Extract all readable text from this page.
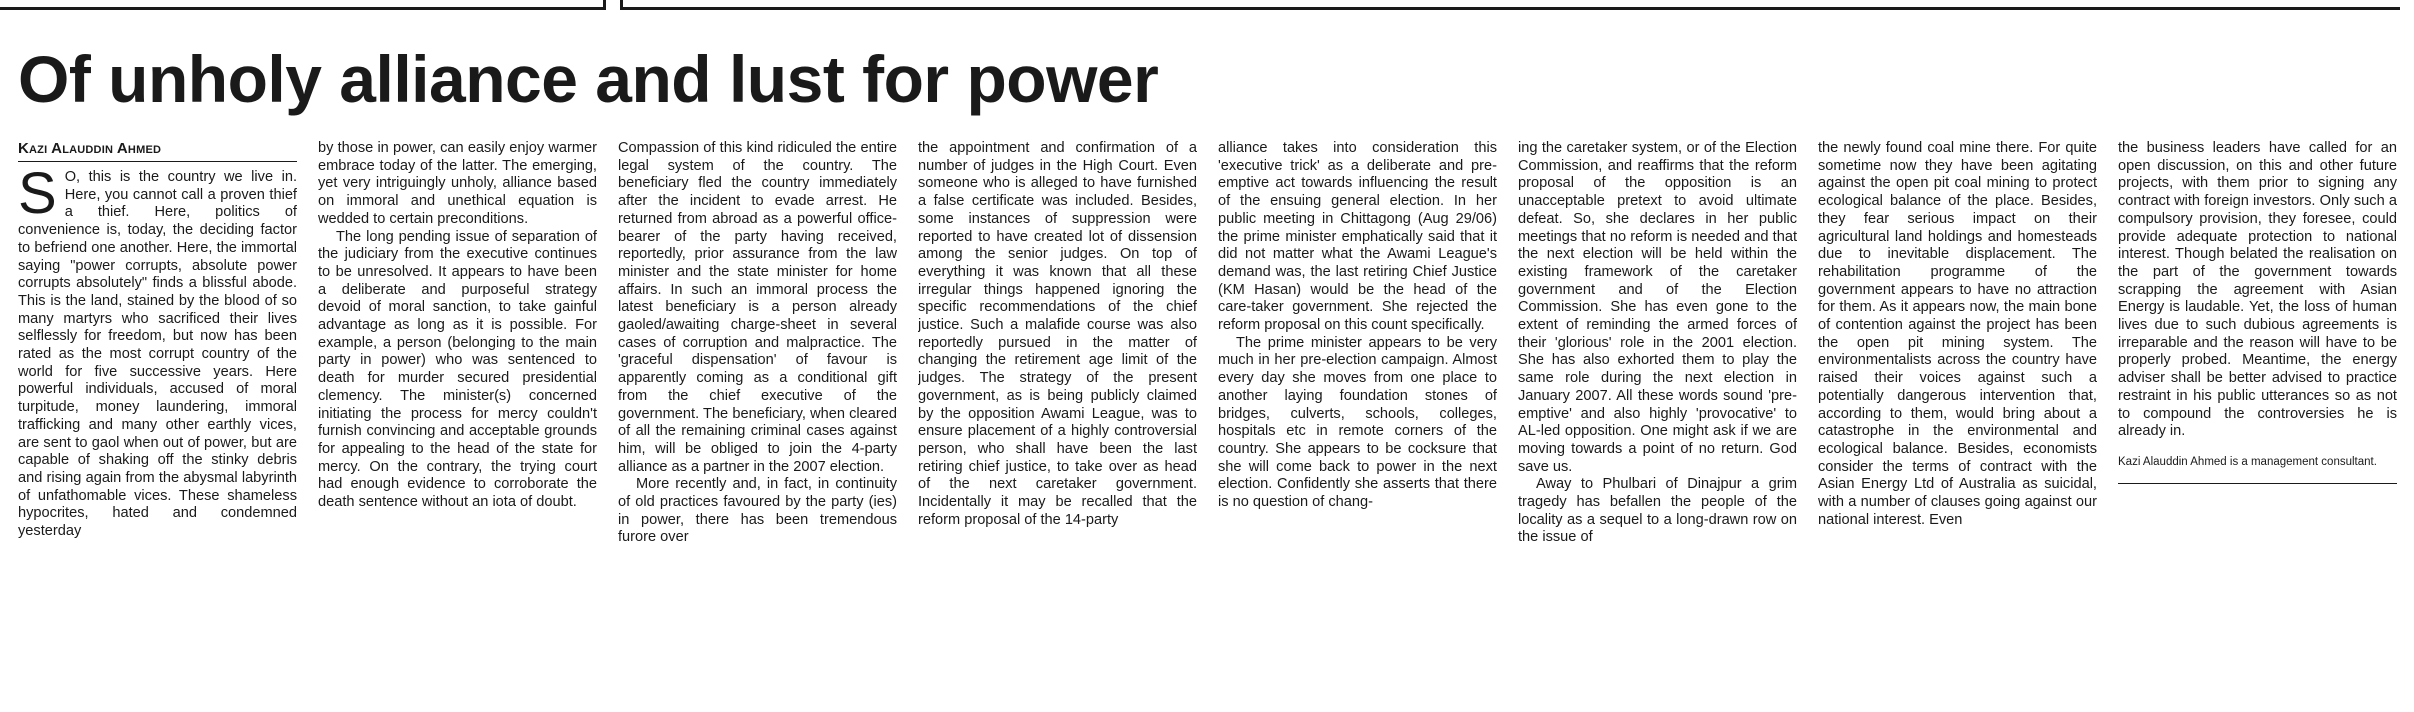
Of unholy alliance and lust for power
Kazi Alauddin Ahmed

S O, this is the country we live in. Here, you cannot call a proven thief a thief. Here, politics of convenience is, today, the deciding factor to befriend one another. Here, the immortal saying "power corrupts, absolute power corrupts absolutely" finds a blissful abode. This is the land, stained by the blood of so many martyrs who sacrificed their lives selflessly for freedom, but now has been rated as the most corrupt country of the world for five successive years. Here powerful individuals, accused of moral turpitude, money laundering, immoral trafficking and many other earthly vices, are sent to gaol when out of power, but are capable of shaking off the stinky debris and rising again from the abysmal labyrinth of unfathomable vices. These shameless hypocrites, hated and condemned yesterday

by those in power, can easily enjoy warmer embrace today of the latter. The emerging, yet very intriguingly unholy, alliance based on immoral and unethical equation is wedded to certain preconditions.

The long pending issue of separation of the judiciary from the executive continues to be unresolved. It appears to have been a deliberate and purposeful strategy devoid of moral sanction, to take gainful advantage as long as it is possible. For example, a person (belonging to the main party in power) who was sentenced to death for murder secured presidential clemency. The minister(s) concerned initiating the process for mercy couldn't furnish convincing and acceptable grounds for appealing to the head of the state for mercy. On the contrary, the trying court had enough evidence to corroborate the death sentence without an iota of doubt.

Compassion of this kind ridiculed the entire legal system of the country. The beneficiary fled the country immediately after the incident to evade arrest. He returned from abroad as a powerful office-bearer of the party having received, reportedly, prior assurance from the law minister and the state minister for home affairs. In such an immoral process the latest beneficiary is a person already gaoled/awaiting charge-sheet in several cases of corruption and malpractice. The 'graceful dispensation' of favour is apparently coming as a conditional gift from the chief executive of the government. The beneficiary, when cleared of all the remaining criminal cases against him, will be obliged to join the 4-party alliance as a partner in the 2007 election.

More recently and, in fact, in continuity of old practices favoured by the party (ies) in power, there has been tremendous furore over

the appointment and confirmation of a number of judges in the High Court. Even someone who is alleged to have furnished a false certificate was included. Besides, some instances of suppression were reported to have created lot of dissension among the senior judges. On top of everything it was known that all these irregular things happened ignoring the specific recommendations of the chief justice. Such a malafide course was also reportedly pursued in the matter of changing the retirement age limit of the judges. The strategy of the present government, as is being publicly claimed by the opposition Awami League, was to ensure placement of a highly controversial person, who shall have been the last retiring chief justice, to take over as head of the next caretaker government. Incidentally it may be recalled that the reform proposal of the 14-party

alliance takes into consideration this 'executive trick' as a deliberate and pre-emptive act towards influencing the result of the ensuing general election. In her public meeting in Chittagong (Aug 29/06) the prime minister emphatically said that it did not matter what the Awami League's demand was, the last retiring Chief Justice (KM Hasan) would be the head of the care-taker government. She rejected the reform proposal on this count specifically.

The prime minister appears to be very much in her pre-election campaign. Almost every day she moves from one place to another laying foundation stones of bridges, culverts, schools, colleges, hospitals etc in remote corners of the country. She appears to be cocksure that she will come back to power in the next election. Confidently she asserts that there is no question of chang-

ing the caretaker system, or of the Election Commission, and reaffirms that the reform proposal of the opposition is an unacceptable pretext to avoid ultimate defeat. So, she declares in her public meetings that no reform is needed and that the next election will be held within the existing framework of the caretaker government and of the Election Commission. She has even gone to the extent of reminding the armed forces of their 'glorious' role in the 2001 election. She has also exhorted them to play the same role during the next election in January 2007. All these words sound 'pre-emptive' and also highly 'provocative' to AL-led opposition. One might ask if we are moving towards a point of no return. God save us.

Away to Phulbari of Dinajpur a grim tragedy has befallen the people of the locality as a sequel to a long-drawn row on the issue of

the newly found coal mine there. For quite sometime now they have been agitating against the open pit coal mining to protect ecological balance of the place. Besides, they fear serious impact on their agricultural land holdings and homesteads due to inevitable displacement. The rehabilitation programme of the government appears to have no attraction for them. As it appears now, the main bone of contention against the project has been the open pit mining system. The environmentalists across the country have raised their voices against such a potentially dangerous intervention that, according to them, would bring about a catastrophe in the environmental and ecological balance. Besides, economists consider the terms of contract with the Asian Energy Ltd of Australia as suicidal, with a number of clauses going against our national interest. Even

the business leaders have called for an open discussion, on this and other future projects, with them prior to signing any contract with foreign investors. Only such a compulsory provision, they foresee, could provide adequate protection to national interest. Though belated the realisation on the part of the government towards scrapping the agreement with Asian Energy is laudable. Yet, the loss of human lives due to such dubious agreements is irreparable and the reason will have to be properly probed. Meantime, the energy adviser shall be better advised to practice restraint in his public utterances so as not to compound the controversies he is already in.

Kazi Alauddin Ahmed is a management consultant.
